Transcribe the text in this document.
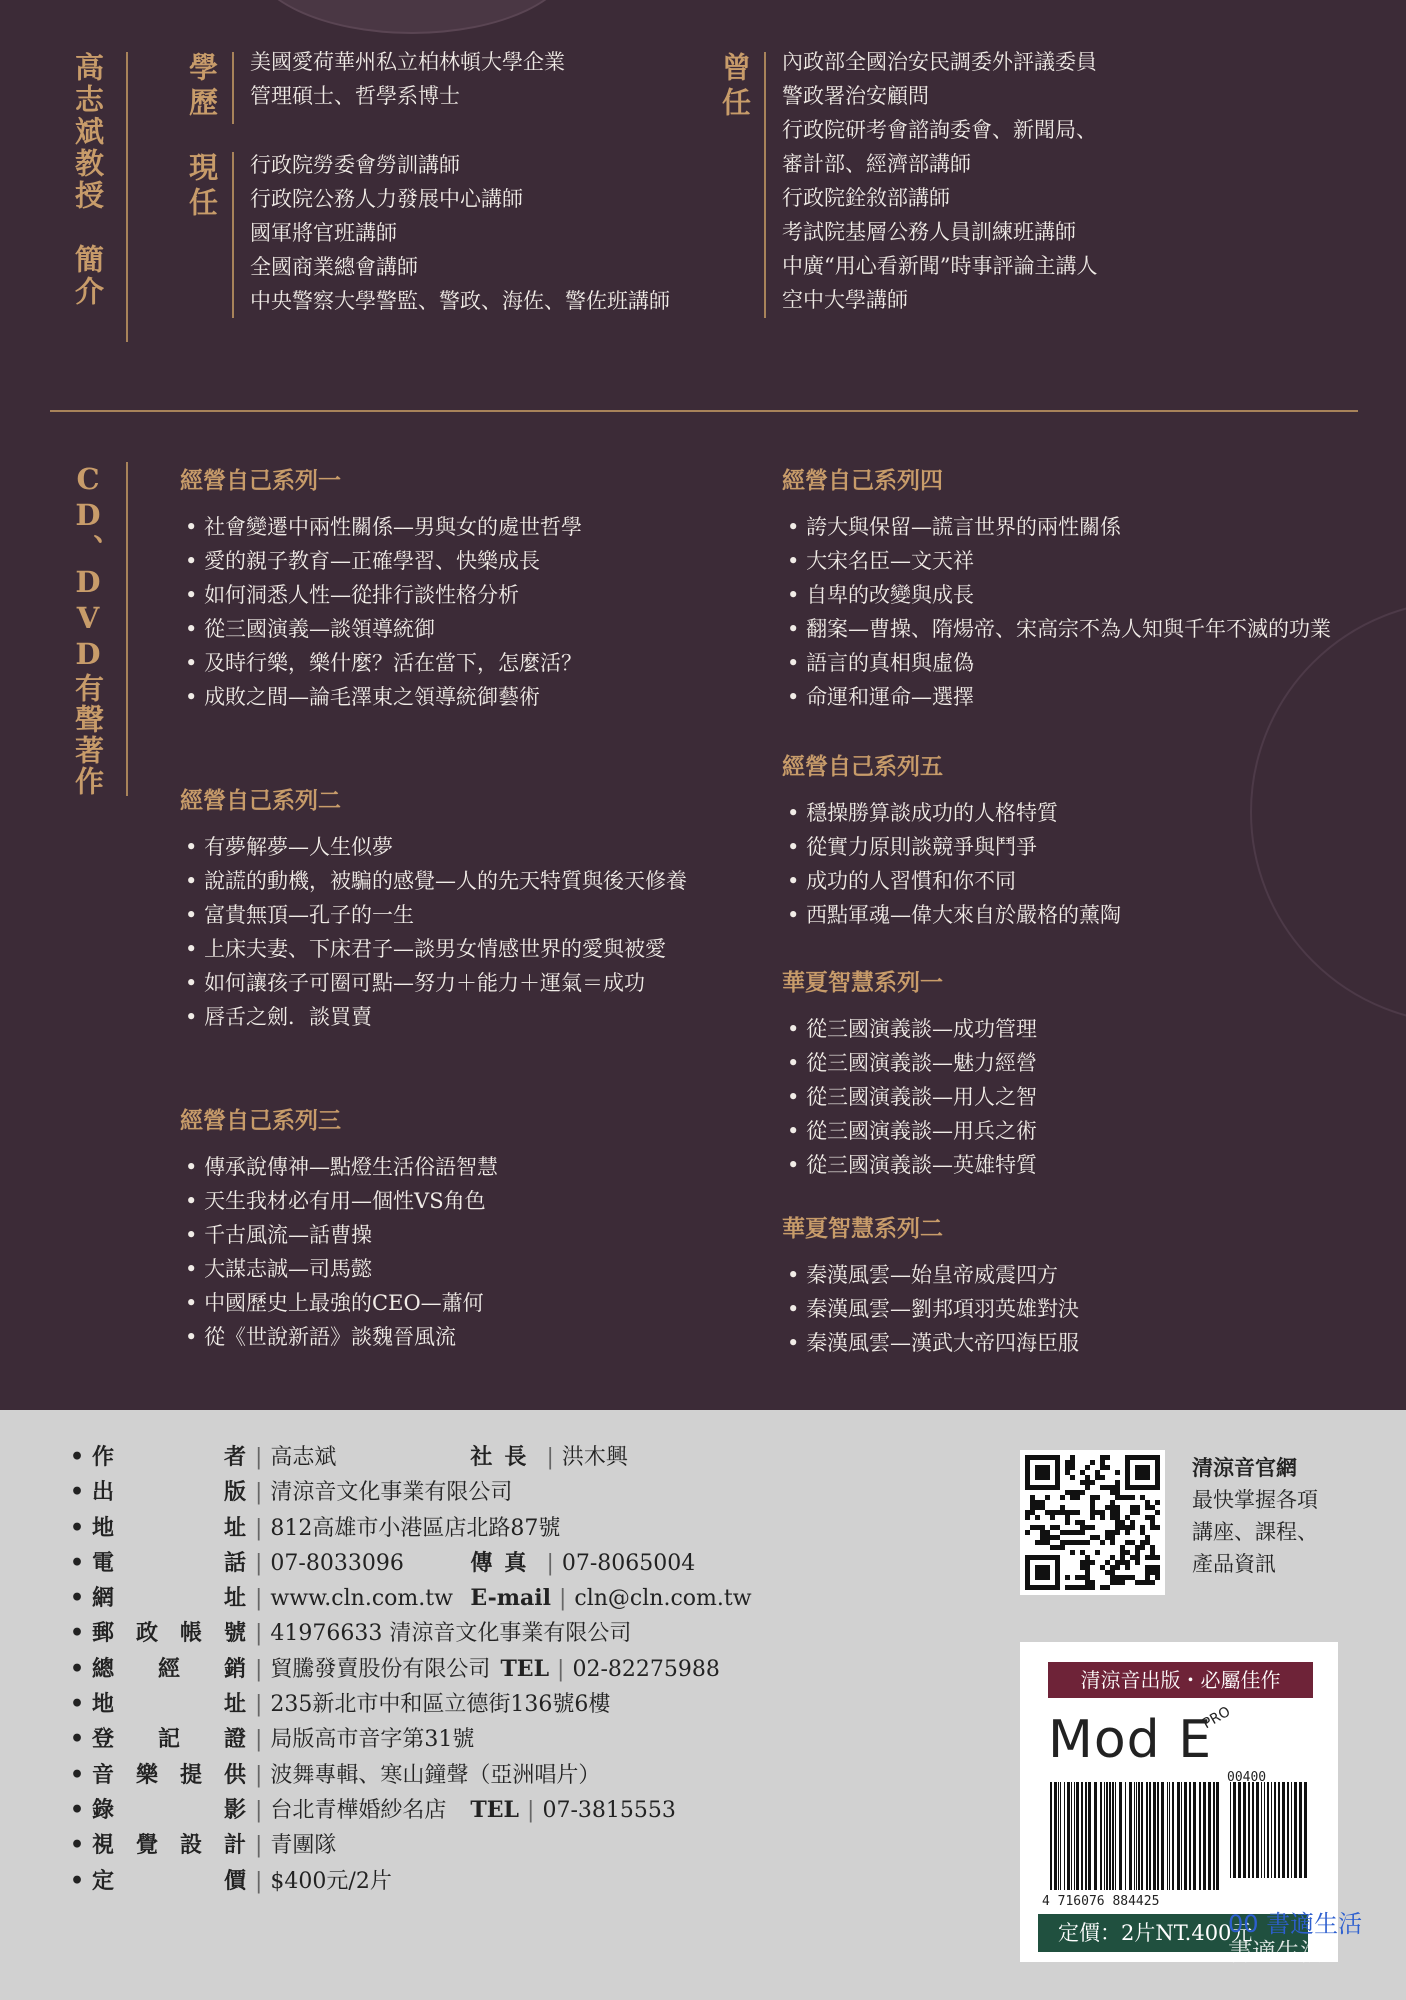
高志斌教授　簡介	學歷 美國愛荷華州私立柏林頓大學企業
管理碩士、哲學系博士
現任 行政院勞委會勞訓講師
行政院公務人力發展中心講師
國軍將官班講師
全國商業總會講師
中央警察大學警監、警政、海佐、警佐班講師
曾任 內政部全國治安民調委外評議委員
警政署治安顧問
行政院研考會諮詢委會、新聞局、
審計部、經濟部講師
行政院銓敘部講師
考試院基層公務人員訓練班講師
中廣“用心看新聞”時事評論主講人
空中大學講師
CD、DVD有聲著作	經營自己系列一
• 社會變遷中兩性關係—男與女的處世哲學
• 愛的親子教育—正確學習、快樂成長
• 如何洞悉人性—從排行談性格分析
• 從三國演義—談領導統御
• 及時行樂，樂什麼？活在當下，怎麼活？
• 成敗之間—論毛澤東之領導統御藝術
經營自己系列二
• 有夢解夢—人生似夢
• 說謊的動機，被騙的感覺—人的先天特質與後天修養
• 富貴無頂—孔子的一生
• 上床夫妻、下床君子—談男女情感世界的愛與被愛
• 如何讓孩子可圈可點—努力＋能力＋運氣＝成功
• 唇舌之劍．談買賣
經營自己系列三
• 傳承說傳神—點燈生活俗語智慧
• 天生我材必有用—個性VS角色
• 千古風流—話曹操
• 大謀志誠—司馬懿
• 中國歷史上最強的CEO—蕭何
• 從《世說新語》談魏晉風流
經營自己系列四
• 誇大與保留—謊言世界的兩性關係
• 大宋名臣—文天祥
• 自卑的改變與成長
• 翻案—曹操、隋煬帝、宋高宗不為人知與千年不滅的功業
• 語言的真相與虛偽
• 命運和運命—選擇
經營自己系列五
• 穩操勝算談成功的人格特質
• 從實力原則談競爭與鬥爭
• 成功的人習慣和你不同
• 西點軍魂—偉大來自於嚴格的薰陶
華夏智慧系列一
• 從三國演義談—成功管理
• 從三國演義談—魅力經營
• 從三國演義談—用人之智
• 從三國演義談—用兵之術
• 從三國演義談—英雄特質
華夏智慧系列二
• 秦漢風雲—始皇帝威震四方
• 秦漢風雲—劉邦項羽英雄對決
• 秦漢風雲—漢武大帝四海臣服
• 作	者 | 高志斌	社長 | 洪木興
• 出	版 | 清涼音文化事業有限公司
• 地	址 | 812高雄市小港區店北路87號
• 電	話 | 07-8033096	傳真 | 07-8065004
• 網	址 | www.cln.com.tw E-mail | cln@cln.com.tw
• 郵 政 帳 號 | 41976633 清涼音文化事業有限公司
• 總 經 銷 | 貿騰發賣股份有限公司 TEL | 02-82275988
• 地	址 | 235新北市中和區立德街136號6樓
• 登 記 證 | 局版高市音字第31號
• 音 樂 提 供 | 波舞專輯、寒山鐘聲（亞洲唱片）
• 錄	影 | 台北青樺婚紗名店	TEL | 07-3815553
• 視 覺 設 計 | 青團隊
• 定	價 | $400元/2片
清涼音官網
最快掌握各項
講座、課程、
產品資訊
清涼音出版・必屬佳作
Mod E
PRO
00400
4 716076 884425
定價：2片NT.400元
00 書適生活
書適生活
